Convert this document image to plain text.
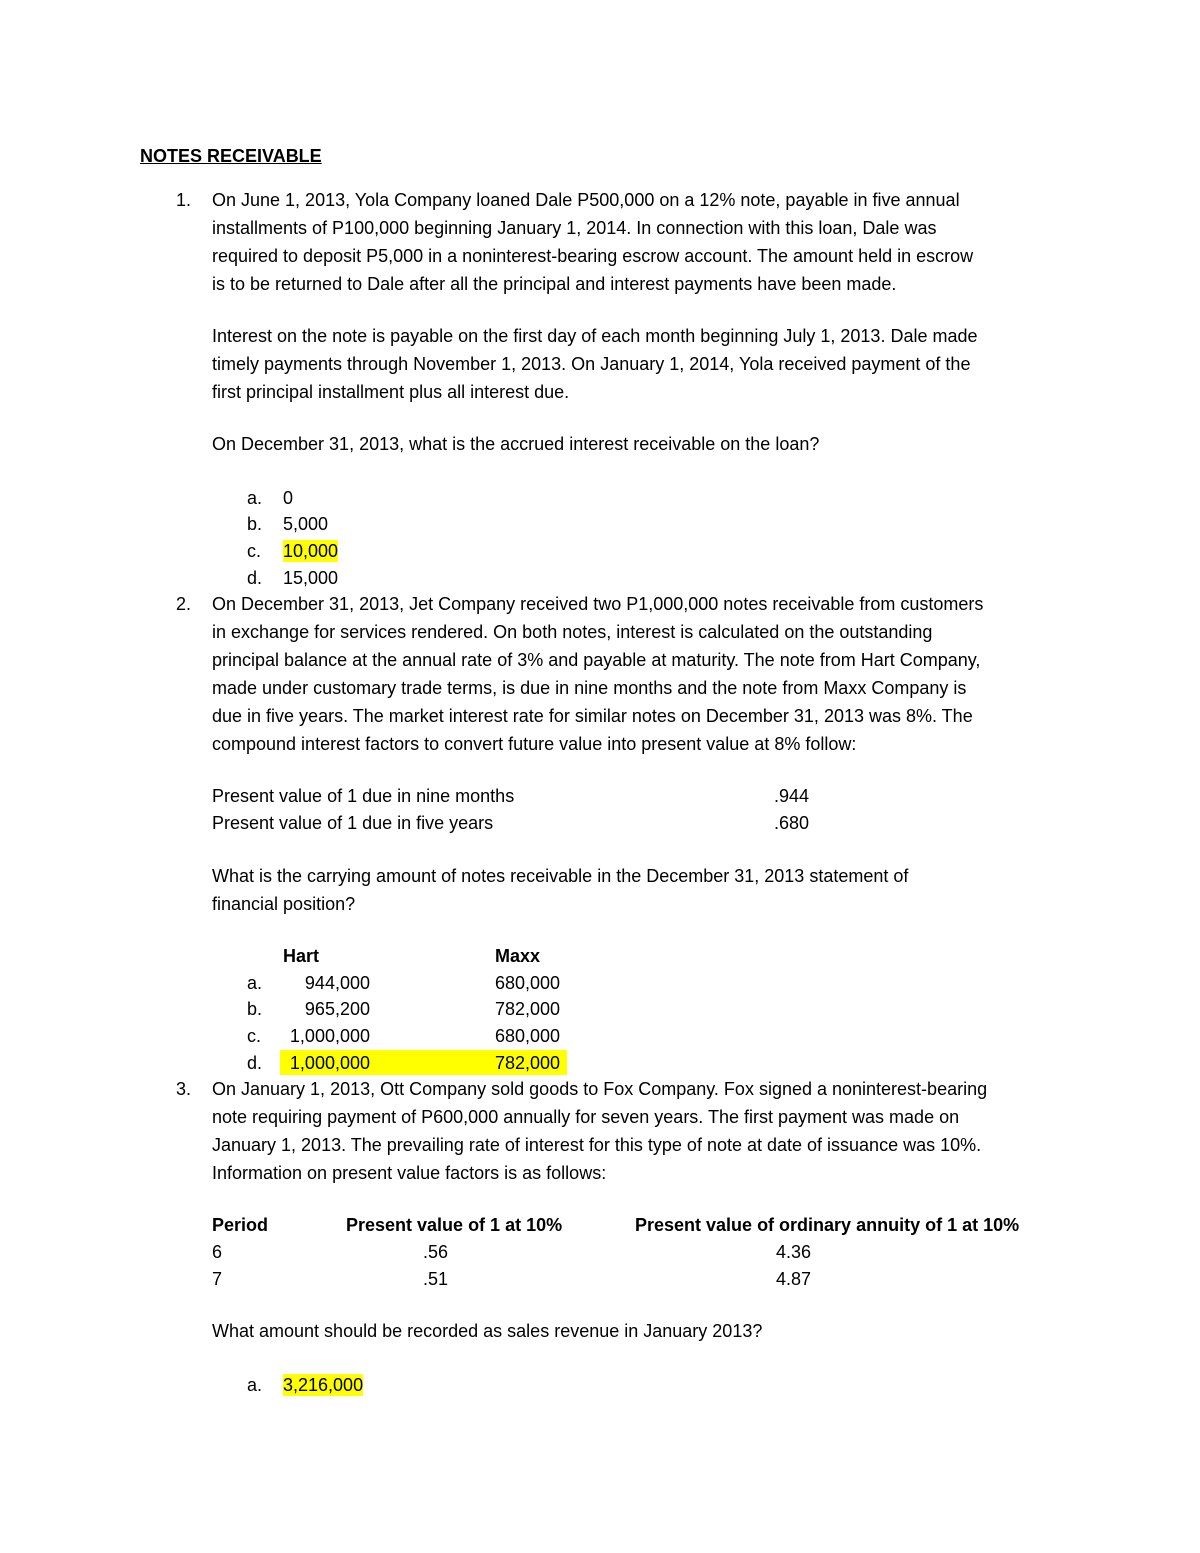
NOTES RECEIVABLE
1. On June 1, 2013, Yola Company loaned Dale P500,000 on a 12% note, payable in five annual
installments of P100,000 beginning January 1, 2014. In connection with this loan, Dale was
required to deposit P5,000 in a noninterest-bearing escrow account. The amount held in escrow
is to be returned to Dale after all the principal and interest payments have been made.
Interest on the note is payable on the first day of each month beginning July 1, 2013. Dale made
timely payments through November 1, 2013. On January 1, 2014, Yola received payment of the
first principal installment plus all interest due.
On December 31, 2013, what is the accrued interest receivable on the loan?
a. 0
b. 5,000
c. 10,000
d. 15,000
2. On December 31, 2013, Jet Company received two P1,000,000 notes receivable from customers
in exchange for services rendered. On both notes, interest is calculated on the outstanding
principal balance at the annual rate of 3% and payable at maturity. The note from Hart Company,
made under customary trade terms, is due in nine months and the note from Maxx Company is
due in five years. The market interest rate for similar notes on December 31, 2013 was 8%. The
compound interest factors to convert future value into present value at 8% follow:
Present value of 1 due in nine months	.944
Present value of 1 due in five years	.680
What is the carrying amount of notes receivable in the December 31, 2013 statement of
financial position?
Hart	Maxx
a.	944,000	680,000
b.	965,200	782,000
c.	1,000,000	680,000
d.	1,000,000	782,000
3. On January 1, 2013, Ott Company sold goods to Fox Company. Fox signed a noninterest-bearing
note requiring payment of P600,000 annually for seven years. The first payment was made on
January 1, 2013. The prevailing rate of interest for this type of note at date of issuance was 10%.
Information on present value factors is as follows:
Period	Present value of 1 at 10%	Present value of ordinary annuity of 1 at 10%
6	.56	4.36
7	.51	4.87
What amount should be recorded as sales revenue in January 2013?
a. 3,216,000
